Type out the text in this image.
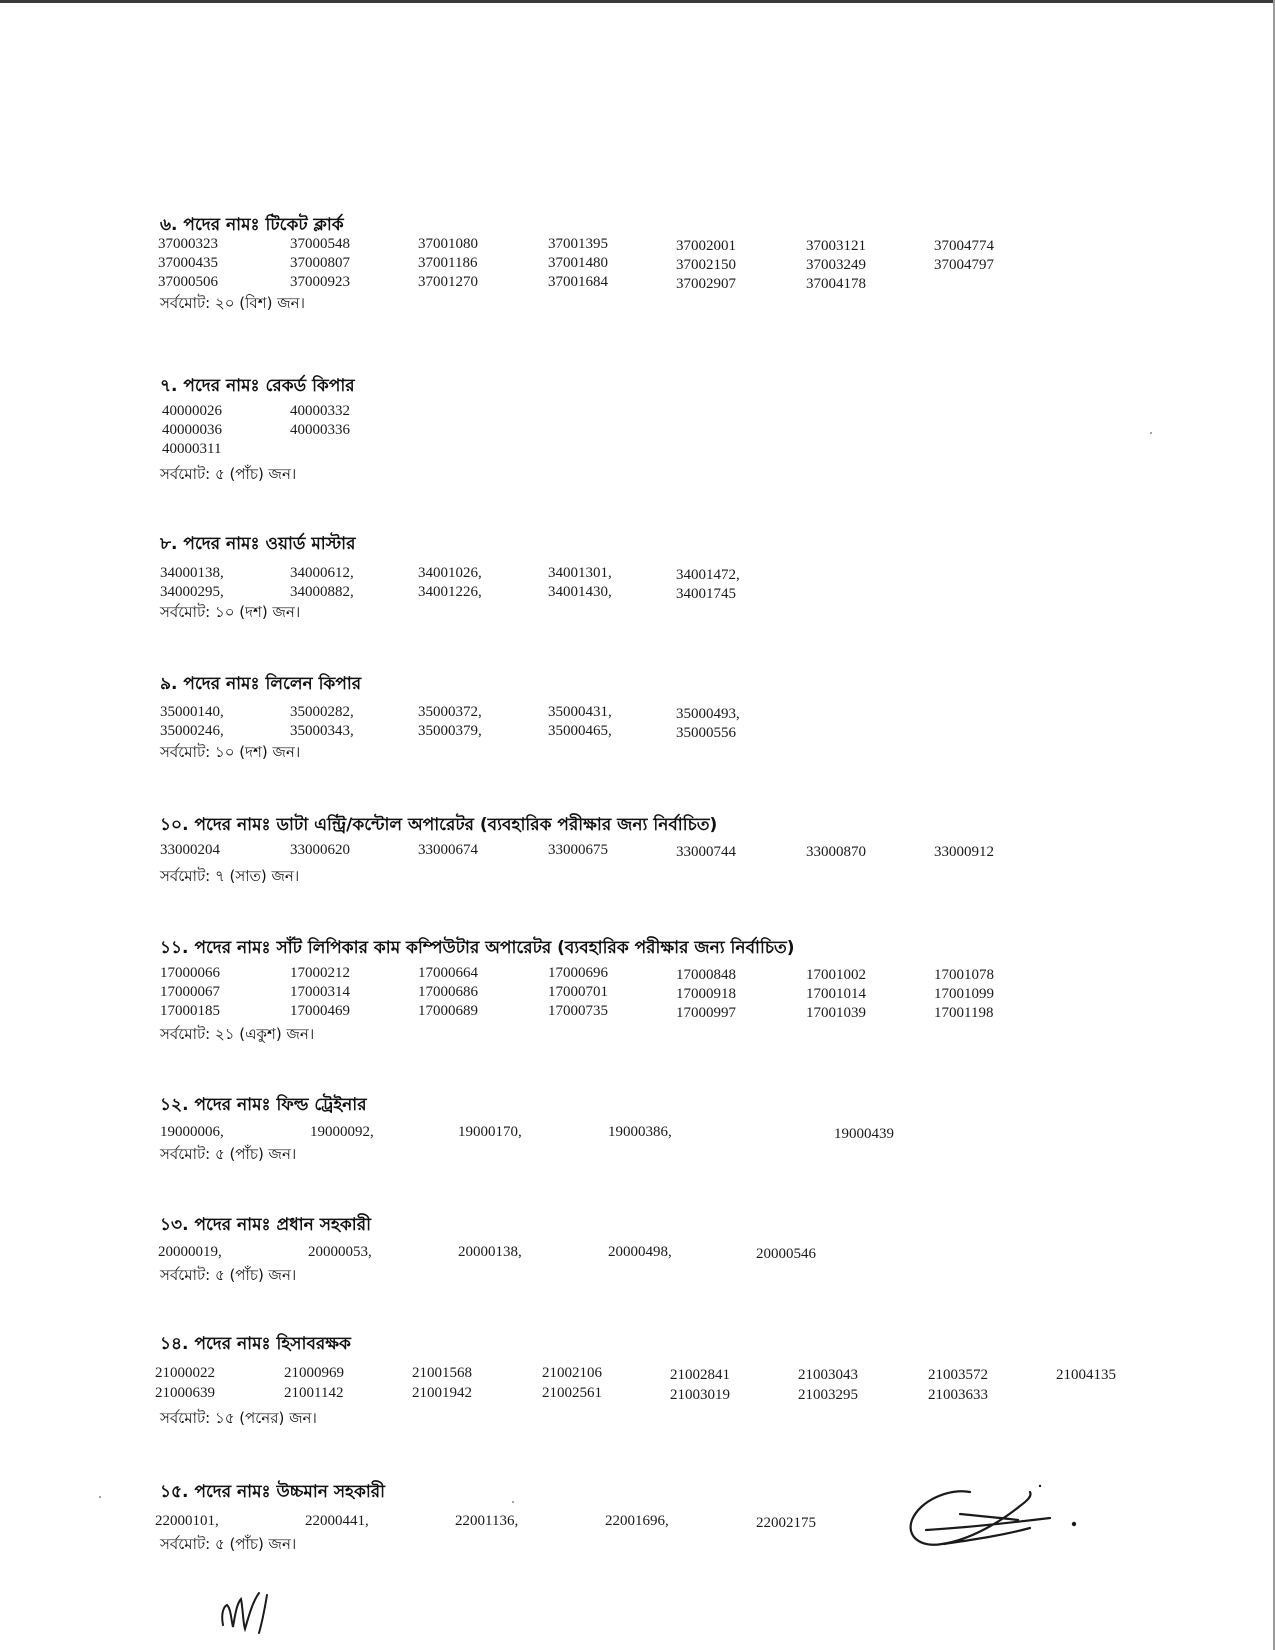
৬. পদের নামঃ টিকেট ক্লার্ক
37000323	37000548	37001080	37001395	37002001	37003121	37004774
37000435	37000807	37001186	37001480	37002150	37003249	37004797
37000506	37000923	37001270	37001684	37002907	37004178
সর্বমোট: ২০ (বিশ) জন।
৭. পদের নামঃ রেকর্ড কিপার
40000026	40000332
40000036	40000336
40000311
সর্বমোট: ৫ (পাঁচ) জন।
৮. পদের নামঃ ওয়ার্ড মাস্টার
34000138,	34000612,	34001026,	34001301,	34001472,
34000295,	34000882,	34001226,	34001430,	34001745
সর্বমোট: ১০ (দশ) জন।
৯. পদের নামঃ লিলেন কিপার
35000140,	35000282,	35000372,	35000431,	35000493,
35000246,	35000343,	35000379,	35000465,	35000556
সর্বমোট: ১০ (দশ) জন।
১০. পদের নামঃ ডাটা এন্ট্রি/কন্টোল অপারেটর (ব্যবহারিক পরীক্ষার জন্য নির্বাচিত)
33000204	33000620	33000674	33000675	33000744	33000870	33000912
সর্বমোট: ৭ (সাত) জন।
১১. পদের নামঃ সাঁট লিপিকার কাম কম্পিউটার অপারেটর (ব্যবহারিক পরীক্ষার জন্য নির্বাচিত)
17000066	17000212	17000664	17000696	17000848	17001002	17001078
17000067	17000314	17000686	17000701	17000918	17001014	17001099
17000185	17000469	17000689	17000735	17000997	17001039	17001198
সর্বমোট: ২১ (একুশ) জন।
১২. পদের নামঃ ফিল্ড ট্রেইনার
19000006,	19000092,	19000170,	19000386,	19000439
সর্বমোট: ৫ (পাঁচ) জন।
১৩. পদের নামঃ প্রধান সহকারী
20000019,	20000053,	20000138,	20000498,	20000546
সর্বমোট: ৫ (পাঁচ) জন।
১৪. পদের নামঃ হিসাবরক্ষক
21000022	21000969	21001568	21002106	21002841	21003043	21003572	21004135
21000639	21001142	21001942	21002561	21003019	21003295	21003633
সর্বমোট: ১৫ (পনের) জন।
১৫. পদের নামঃ উচ্চমান সহকারী
22000101,	22000441,	22001136,	22001696,	22002175
সর্বমোট: ৫ (পাঁচ) জন।
